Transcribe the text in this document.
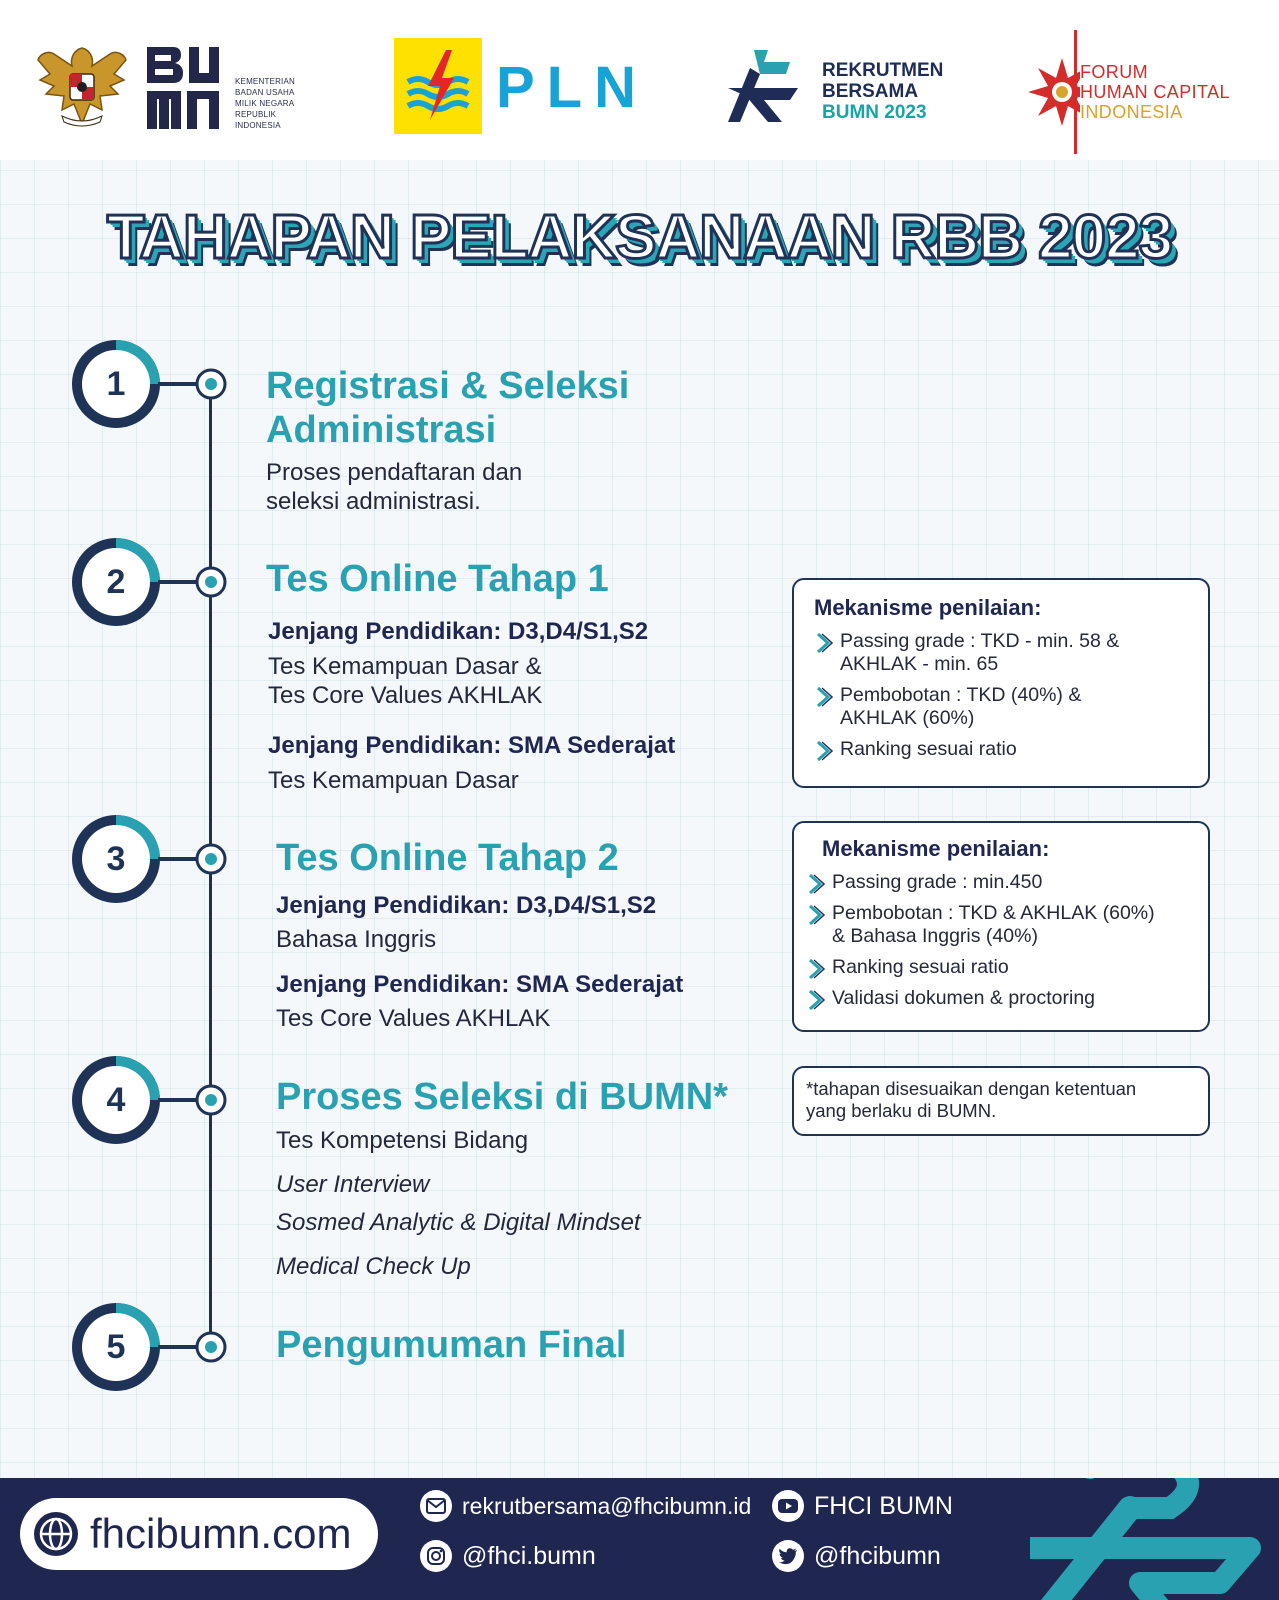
KEMENTERIAN
BADAN USAHA
MILIK NEGARA
REPUBLIK
INDONESIA
PLN	REKRUTMEN
BERSAMA
BUMN 2023
FORUM
HUMAN CAPITAL
INDONESIA
TAHAPAN PELAKSANAAN RBB 2023
1
2
3
4
5
Registrasi & Seleksi
Administrasi
Proses pendaftaran dan
seleksi administrasi.
Tes Online Tahap 1
Jenjang Pendidikan: D3,D4/S1,S2
Tes Kemampuan Dasar &
Tes Core Values AKHLAK
Jenjang Pendidikan: SMA Sederajat
Tes Kemampuan Dasar
Tes Online Tahap 2
Jenjang Pendidikan: D3,D4/S1,S2
Bahasa Inggris
Jenjang Pendidikan: SMA Sederajat
Tes Core Values AKHLAK
Proses Seleksi di BUMN*
Tes Kompetensi Bidang
User Interview
Sosmed Analytic & Digital Mindset
Medical Check Up
Pengumuman Final
Mekanisme penilaian:
Passing grade : TKD - min. 58 &
AKHLAK - min. 65
Pembobotan : TKD (40%) &
AKHLAK (60%)
Ranking sesuai ratio
Mekanisme penilaian:
Passing grade : min.450
Pembobotan : TKD & AKHLAK (60%)
& Bahasa Inggris (40%)
Ranking sesuai ratio
Validasi dokumen & proctoring
*tahapan disesuaikan dengan ketentuan
yang berlaku di BUMN.
fhcibumn.com
rekrutbersama@fhcibumn.id
@fhci.bumn
FHCI BUMN
@fhcibumn
